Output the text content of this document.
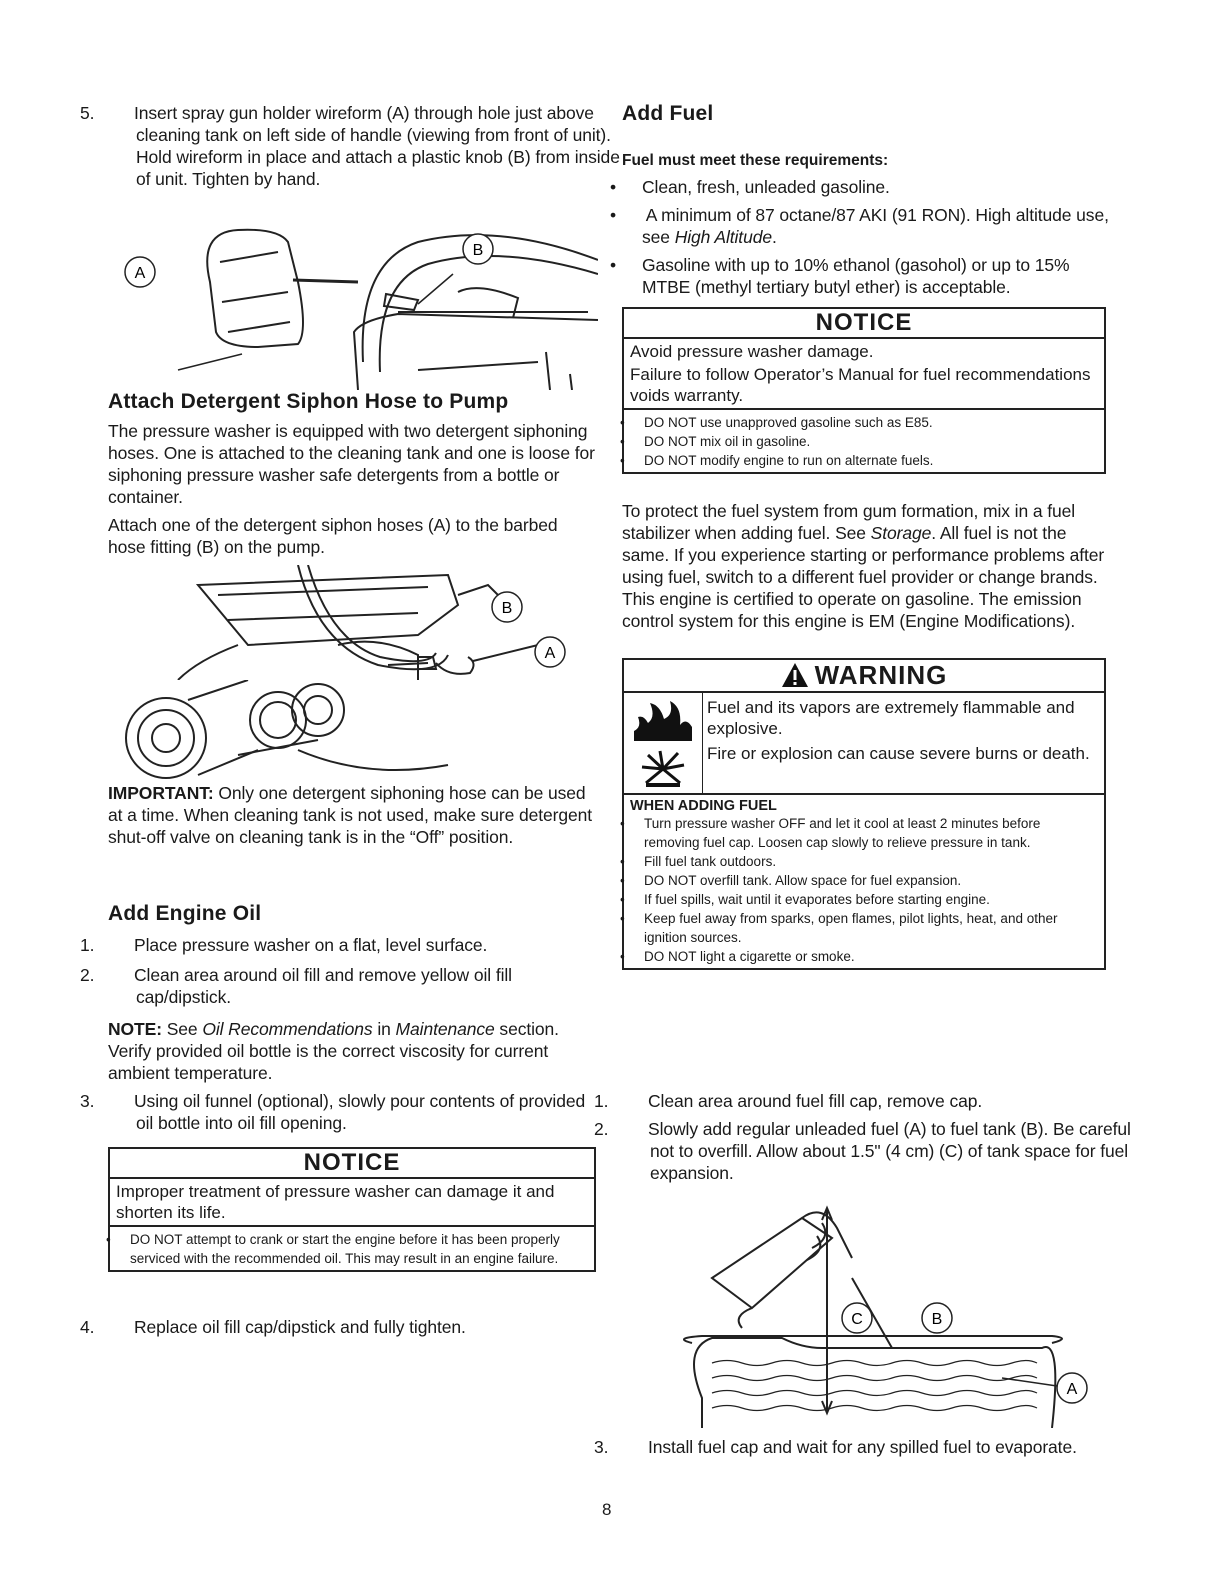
5. Insert spray gun holder wireform (A) through hole just above cleaning tank on left side of handle (viewing from front of unit). Hold wireform in place and attach a plastic knob (B) from inside of unit. Tighten by hand.

B
A
Attach Detergent Siphon Hose to Pump

The pressure washer is equipped with two detergent siphoning hoses. One is attached to the cleaning tank and one is loose for siphoning pressure washer safe detergents from a bottle or container.

Attach one of the detergent siphon hoses (A) to the barbed hose fitting (B) on the pump.

B
A

IMPORTANT: Only one detergent siphoning hose can be used at a time. When cleaning tank is not used, make sure detergent shut-off valve on cleaning tank is in the “Off” position.

Add Engine Oil

1. Place pressure washer on a flat, level surface.

2. Clean area around oil fill and remove yellow oil fill cap/dipstick.

NOTE: See Oil Recommendations in Maintenance section. Verify provided oil bottle is the correct viscosity for current ambient temperature.

3. Using oil funnel (optional), slowly pour contents of provided oil bottle into oil fill opening.

NOTICE
Improper treatment of pressure washer can damage it and shorten its life.
• DO NOT attempt to crank or start the engine before it has been properly serviced with the recommended oil. This may result in an engine failure.

4. Replace oil fill cap/dipstick and fully tighten.

Add Fuel
Fuel must meet these requirements:

• Clean, fresh, unleaded gasoline.

• A minimum of 87 octane/87 AKI (91 RON). High altitude use, see High Altitude.

• Gasoline with up to 10% ethanol (gasohol) or up to 15% MTBE (methyl tertiary butyl ether) is acceptable.

NOTICE
Avoid pressure washer damage.
Failure to follow Operator’s Manual for fuel recommendations voids warranty.
• DO NOT use unapproved gasoline such as E85.
• DO NOT mix oil in gasoline.
• DO NOT modify engine to run on alternate fuels.

To protect the fuel system from gum formation, mix in a fuel stabilizer when adding fuel. See Storage. All fuel is not the same. If you experience starting or performance problems after using fuel, switch to a different fuel provider or change brands. This engine is certified to operate on gasoline. The emission control system for this engine is EM (Engine Modifications).

WARNING
Fuel and its vapors are extremely flammable and explosive.
Fire or explosion can cause severe burns or death.
WHEN ADDING FUEL
• Turn pressure washer OFF and let it cool at least 2 minutes before removing fuel cap. Loosen cap slowly to relieve pressure in tank.
• Fill fuel tank outdoors.
• DO NOT overfill tank. Allow space for fuel expansion.
• If fuel spills, wait until it evaporates before starting engine.
• Keep fuel away from sparks, open flames, pilot lights, heat, and other ignition sources.
• DO NOT light a cigarette or smoke.

1. Clean area around fuel fill cap, remove cap.

2. Slowly add regular unleaded fuel (A) to fuel tank (B). Be careful not to overfill. Allow about 1.5" (4 cm) (C) of tank space for fuel expansion.

C	B
A

3. Install fuel cap and wait for any spilled fuel to evaporate.

8
